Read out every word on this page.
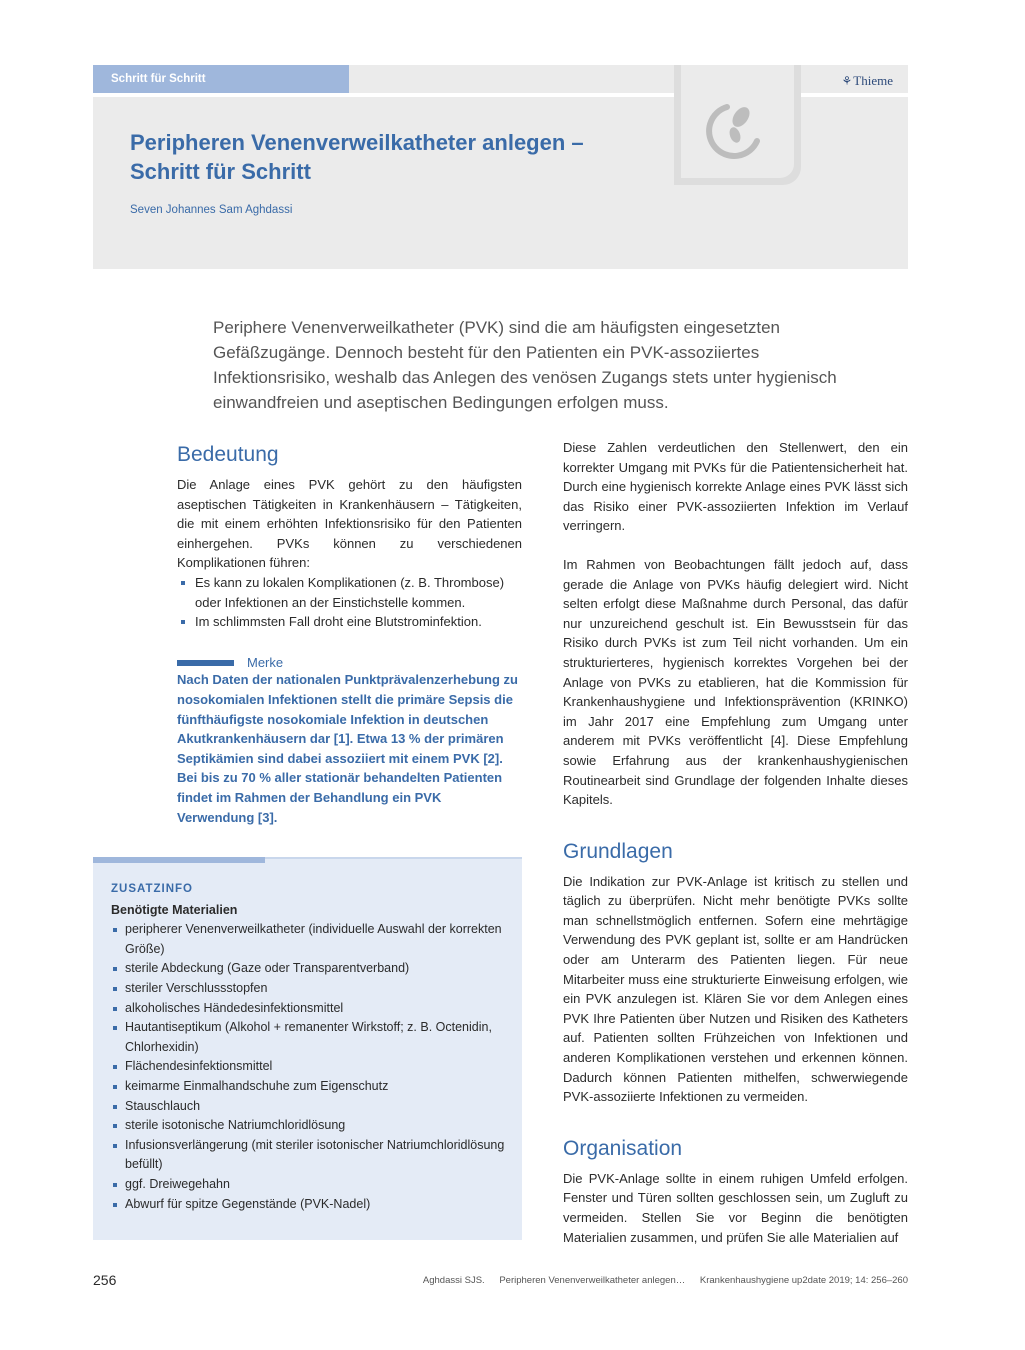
Schritt für Schritt	⚘Thieme
Peripheren Venenverweilkatheter anlegen –
Schritt für Schritt
Seven Johannes Sam Aghdassi
Periphere Venenverweilkatheter (PVK) sind die am häufigsten eingesetzten Gefäßzugänge. Dennoch besteht für den Patienten ein PVK-assoziiertes Infektionsrisiko, weshalb das Anlegen des venösen Zugangs stets unter hygienisch einwandfreien und aseptischen Bedingungen erfolgen muss.
Bedeutung

Die Anlage eines PVK gehört zu den häufigsten aseptischen Tätigkeiten in Krankenhäusern – Tätigkeiten, die mit einem erhöhten Infektionsrisiko für den Patienten einhergehen. PVKs können zu verschiedenen Komplikationen führen:

Es kann zu lokalen Komplikationen (z. B. Thrombose) oder Infektionen an der Einstichstelle kommen.
Im schlimmsten Fall droht eine Blutstrominfektion.
Merke

Nach Daten der nationalen Punktprävalenzerhebung zu nosokomialen Infektionen stellt die primäre Sepsis die fünfthäufigste nosokomiale Infektion in deutschen Akutkrankenhäusern dar [1]. Etwa 13 % der primären Septikämien sind dabei assoziiert mit einem PVK [2]. Bei bis zu 70 % aller stationär behandelten Patienten findet im Rahmen der Behandlung ein PVK Verwendung [3].

ZUSATZINFO
Benötigte Materialien
peripherer Venenverweilkatheter (individuelle Auswahl der korrekten Größe)
sterile Abdeckung (Gaze oder Transparentverband)
steriler Verschlussstopfen
alkoholisches Händedesinfektionsmittel
Hautantiseptikum (Alkohol + remanenter Wirkstoff; z. B. Octenidin, Chlorhexidin)
Flächendesinfektionsmittel
keimarme Einmalhandschuhe zum Eigenschutz
Stauschlauch
sterile isotonische Natriumchloridlösung
Infusionsverlängerung (mit steriler isotonischer Natriumchloridlösung befüllt)
ggf. Dreiwegehahn
Abwurf für spitze Gegenstände (PVK-Nadel)

Diese Zahlen verdeutlichen den Stellenwert, den ein korrekter Umgang mit PVKs für die Patientensicherheit hat. Durch eine hygienisch korrekte Anlage eines PVK lässt sich das Risiko einer PVK-assoziierten Infektion im Verlauf verringern.

Im Rahmen von Beobachtungen fällt jedoch auf, dass gerade die Anlage von PVKs häufig delegiert wird. Nicht selten erfolgt diese Maßnahme durch Personal, das dafür nur unzureichend geschult ist. Ein Bewusstsein für das Risiko durch PVKs ist zum Teil nicht vorhanden. Um ein strukturierteres, hygienisch korrektes Vorgehen bei der Anlage von PVKs zu etablieren, hat die Kommission für Krankenhaushygiene und Infektionsprävention (KRINKO) im Jahr 2017 eine Empfehlung zum Umgang unter anderem mit PVKs veröffentlicht [4]. Diese Empfehlung sowie Erfahrung aus der krankenhaushygienischen Routinearbeit sind Grundlage der folgenden Inhalte dieses Kapitels.

Grundlagen

Die Indikation zur PVK-Anlage ist kritisch zu stellen und täglich zu überprüfen. Nicht mehr benötigte PVKs sollte man schnellstmöglich entfernen. Sofern eine mehrtägige Verwendung des PVK geplant ist, sollte er am Handrücken oder am Unterarm des Patienten liegen. Für neue Mitarbeiter muss eine strukturierte Einweisung erfolgen, wie ein PVK anzulegen ist. Klären Sie vor dem Anlegen eines PVK Ihre Patienten über Nutzen und Risiken des Katheters auf. Patienten sollten Frühzeichen von Infektionen und anderen Komplikationen verstehen und erkennen können. Dadurch können Patienten mithelfen, schwerwiegende PVK-assoziierte Infektionen zu vermeiden.

Organisation

Die PVK-Anlage sollte in einem ruhigen Umfeld erfolgen. Fenster und Türen sollten geschlossen sein, um Zugluft zu vermeiden. Stellen Sie vor Beginn die benötigten Materialien zusammen, und prüfen Sie alle Materialien auf

256	Aghdassi SJS. Peripheren Venenverweilkatheter anlegen… Krankenhaushygiene up2date 2019; 14: 256–260
